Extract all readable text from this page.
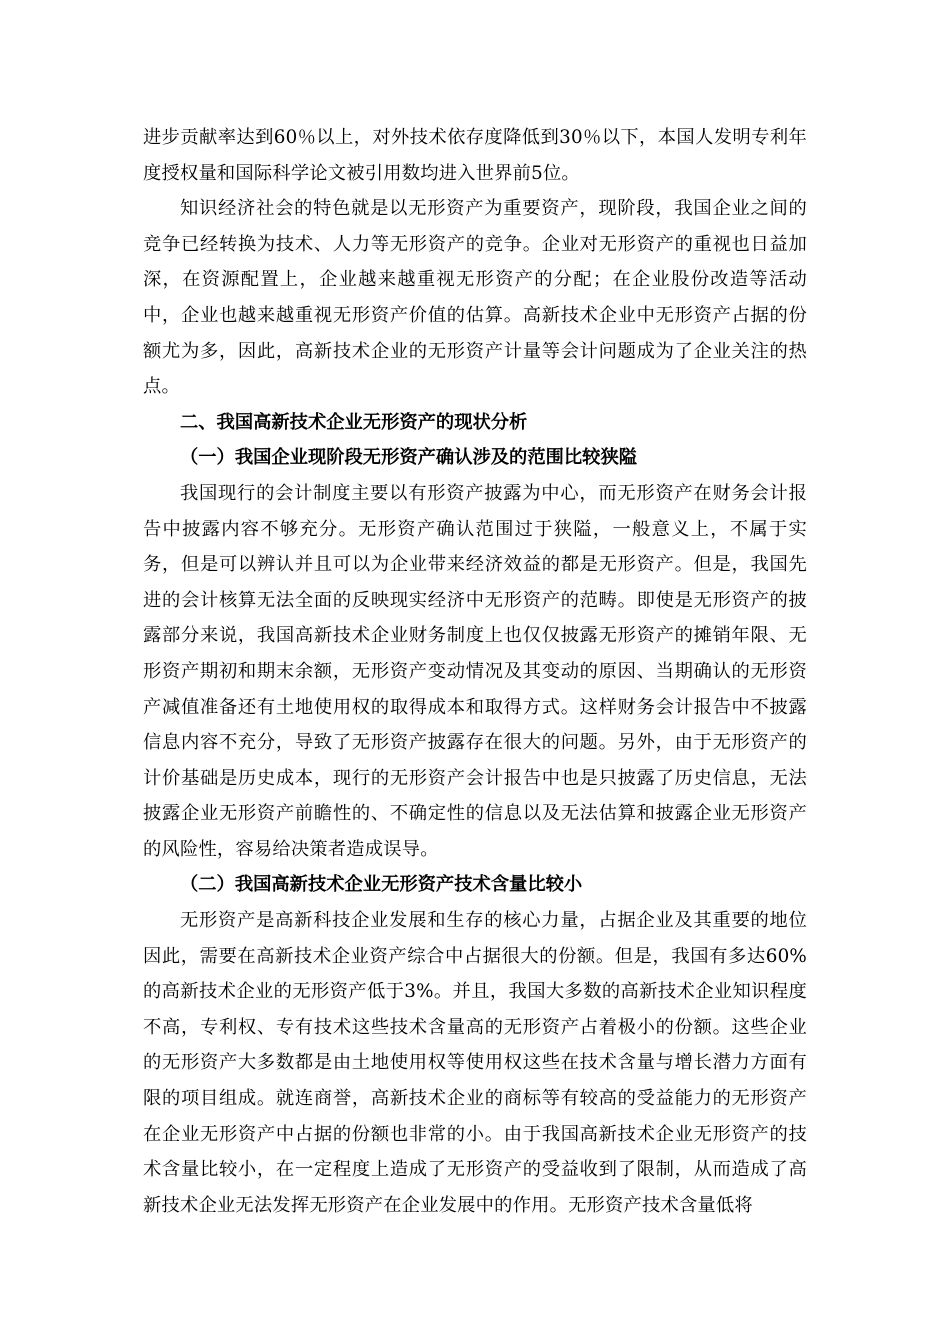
进步贡献率达到60％以上，对外技术依存度降低到30％以下，本国人发明专利年度授权量和国际科学论文被引用数均进入世界前5位。

知识经济社会的特色就是以无形资产为重要资产，现阶段，我国企业之间的竞争已经转换为技术、人力等无形资产的竞争。企业对无形资产的重视也日益加深，在资源配置上，企业越来越重视无形资产的分配；在企业股份改造等活动中，企业也越来越重视无形资产价值的估算。高新技术企业中无形资产占据的份额尤为多，因此，高新技术企业的无形资产计量等会计问题成为了企业关注的热点。

二、我国高新技术企业无形资产的现状分析

（一）我国企业现阶段无形资产确认涉及的范围比较狭隘

我国现行的会计制度主要以有形资产披露为中心，而无形资产在财务会计报告中披露内容不够充分。无形资产确认范围过于狭隘，一般意义上，不属于实务，但是可以辨认并且可以为企业带来经济效益的都是无形资产。但是，我国先进的会计核算无法全面的反映现实经济中无形资产的范畴。即使是无形资产的披露部分来说，我国高新技术企业财务制度上也仅仅披露无形资产的摊销年限、无形资产期初和期末余额，无形资产变动情况及其变动的原因、当期确认的无形资产减值准备还有土地使用权的取得成本和取得方式。这样财务会计报告中不披露信息内容不充分，导致了无形资产披露存在很大的问题。另外，由于无形资产的计价基础是历史成本，现行的无形资产会计报告中也是只披露了历史信息，无法披露企业无形资产前瞻性的、不确定性的信息以及无法估算和披露企业无形资产的风险性，容易给决策者造成误导。

（二）我国高新技术企业无形资产技术含量比较小

无形资产是高新科技企业发展和生存的核心力量，占据企业及其重要的地位因此，需要在高新技术企业资产综合中占据很大的份额。但是，我国有多达60%的高新技术企业的无形资产低于3%。并且，我国大多数的高新技术企业知识程度不高，专利权、专有技术这些技术含量高的无形资产占着极小的份额。这些企业的无形资产大多数都是由土地使用权等使用权这些在技术含量与增长潜力方面有限的项目组成。就连商誉，高新技术企业的商标等有较高的受益能力的无形资产在企业无形资产中占据的份额也非常的小。由于我国高新技术企业无形资产的技术含量比较小，在一定程度上造成了无形资产的受益收到了限制，从而造成了高新技术企业无法发挥无形资产在企业发展中的作用。无形资产技术含量低将
